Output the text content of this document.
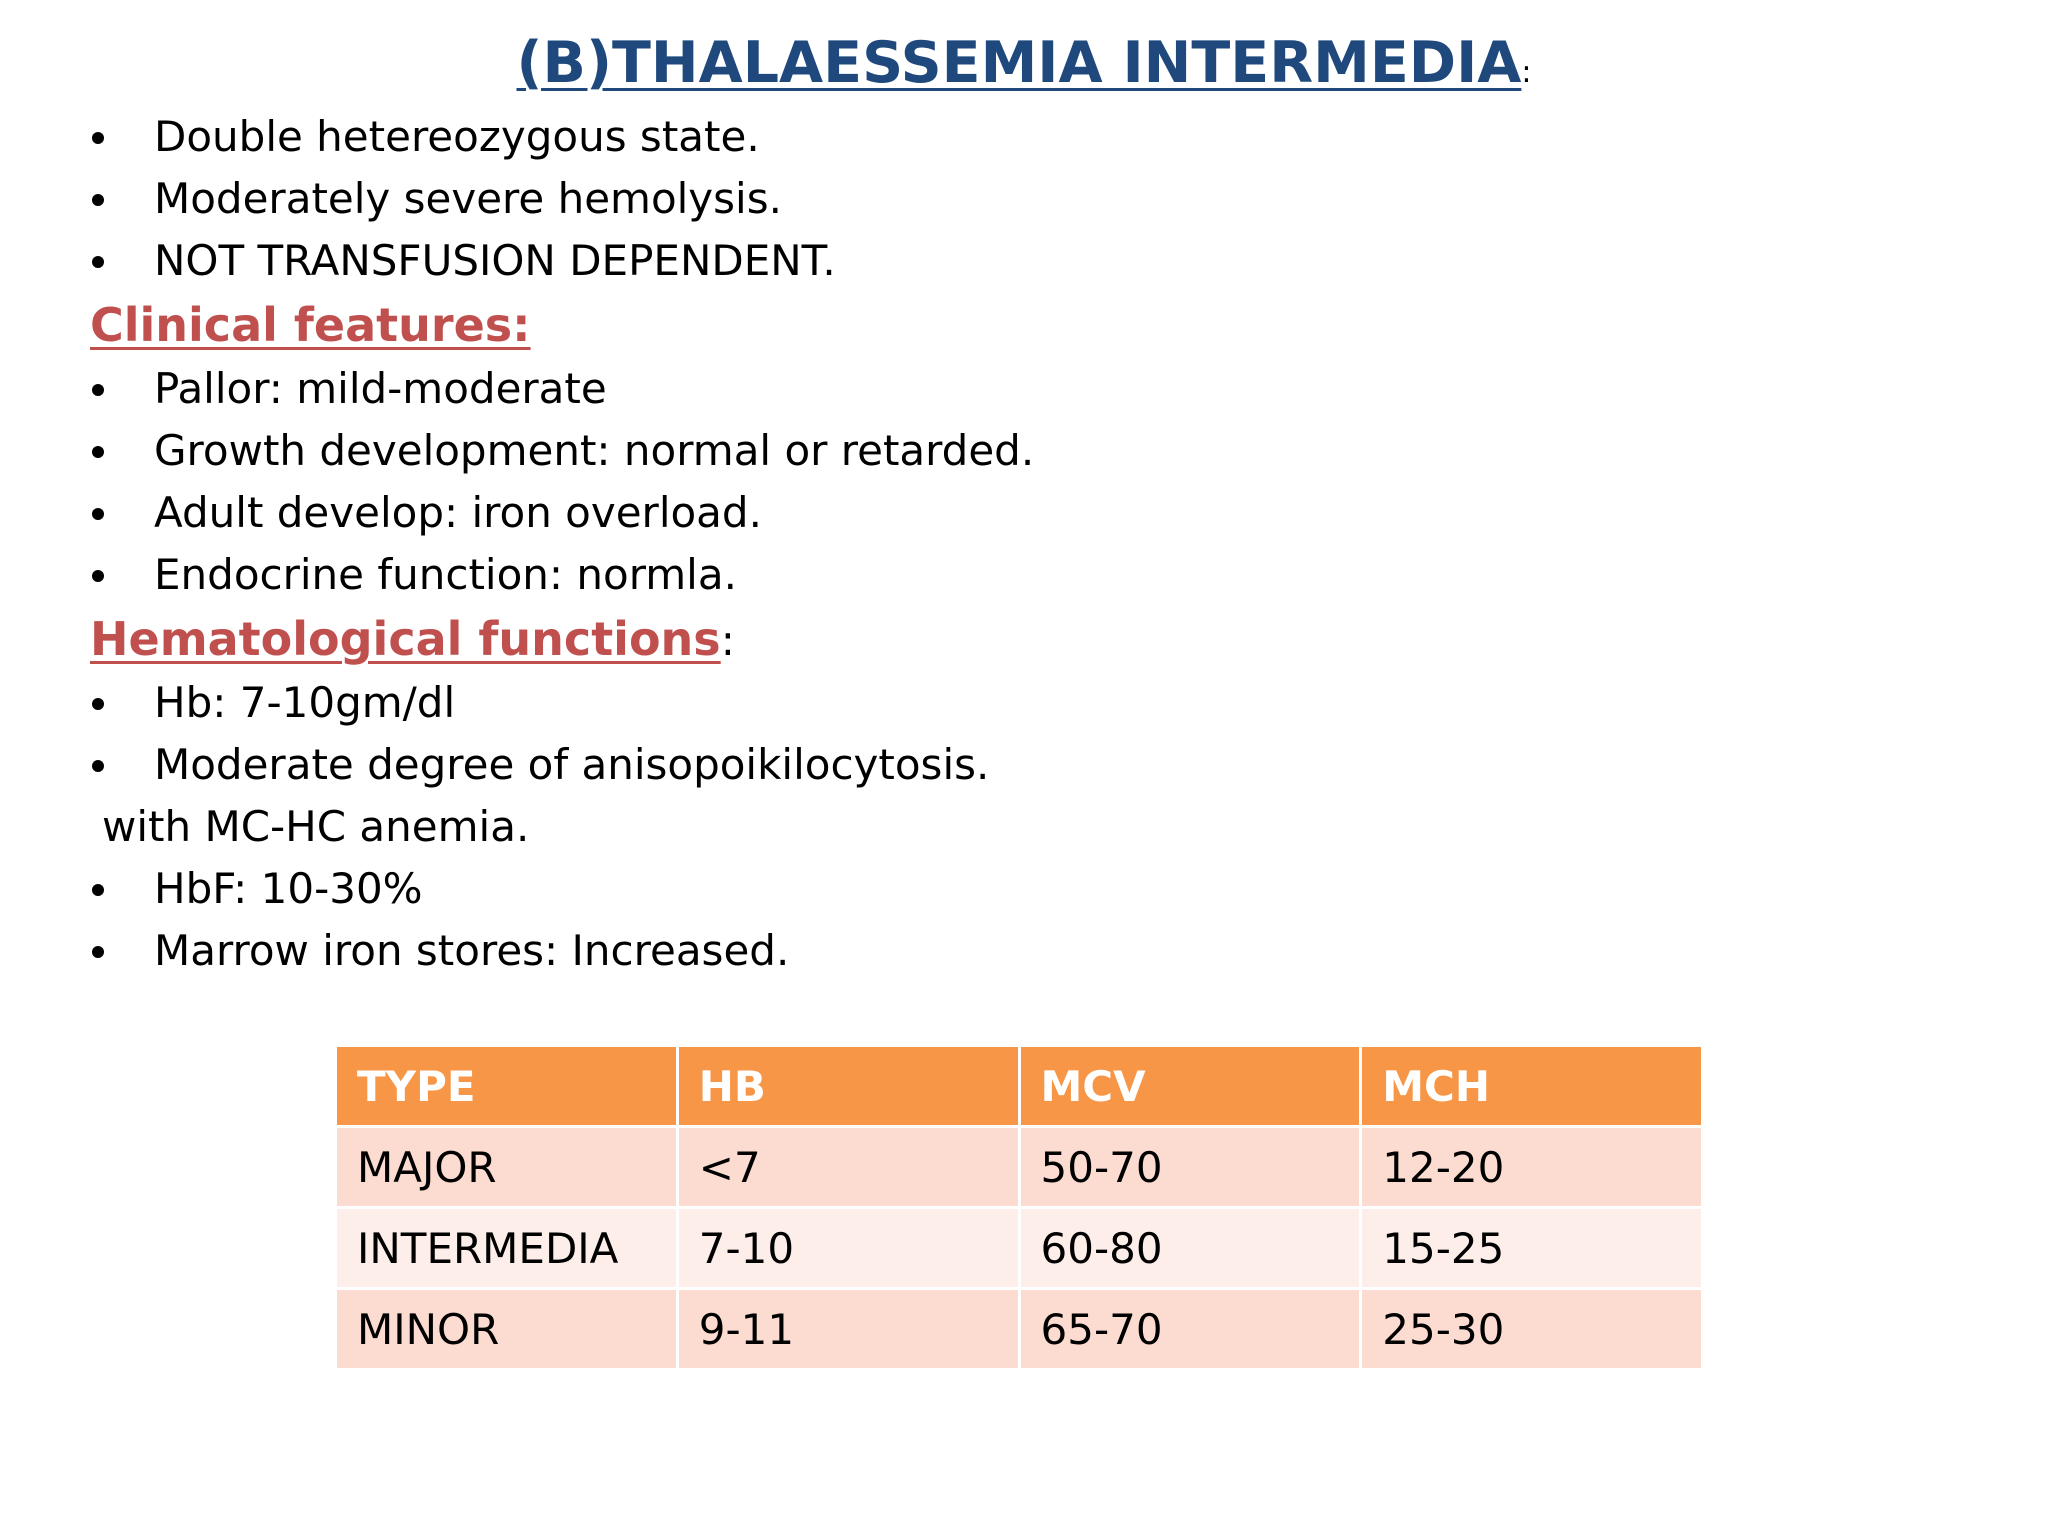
(B)THALAESSEMIA INTERMEDIA:
Double hetereozygous state.
Moderately severe hemolysis.
NOT TRANSFUSION DEPENDENT.
Clinical features:
Pallor: mild-moderate
Growth development: normal or retarded.
Adult develop: iron overload.
Endocrine function: normla.
Hematological functions:
Hb: 7-10gm/dl
Moderate degree of anisopoikilocytosis.
with MC-HC anemia.
HbF: 10-30%
Marrow iron stores: Increased.
TYPE	HB	MCV	MCH
MAJOR	<7	50-70	12-20
INTERMEDIA	7-10	60-80	15-25
MINOR	9-11	65-70	25-30
